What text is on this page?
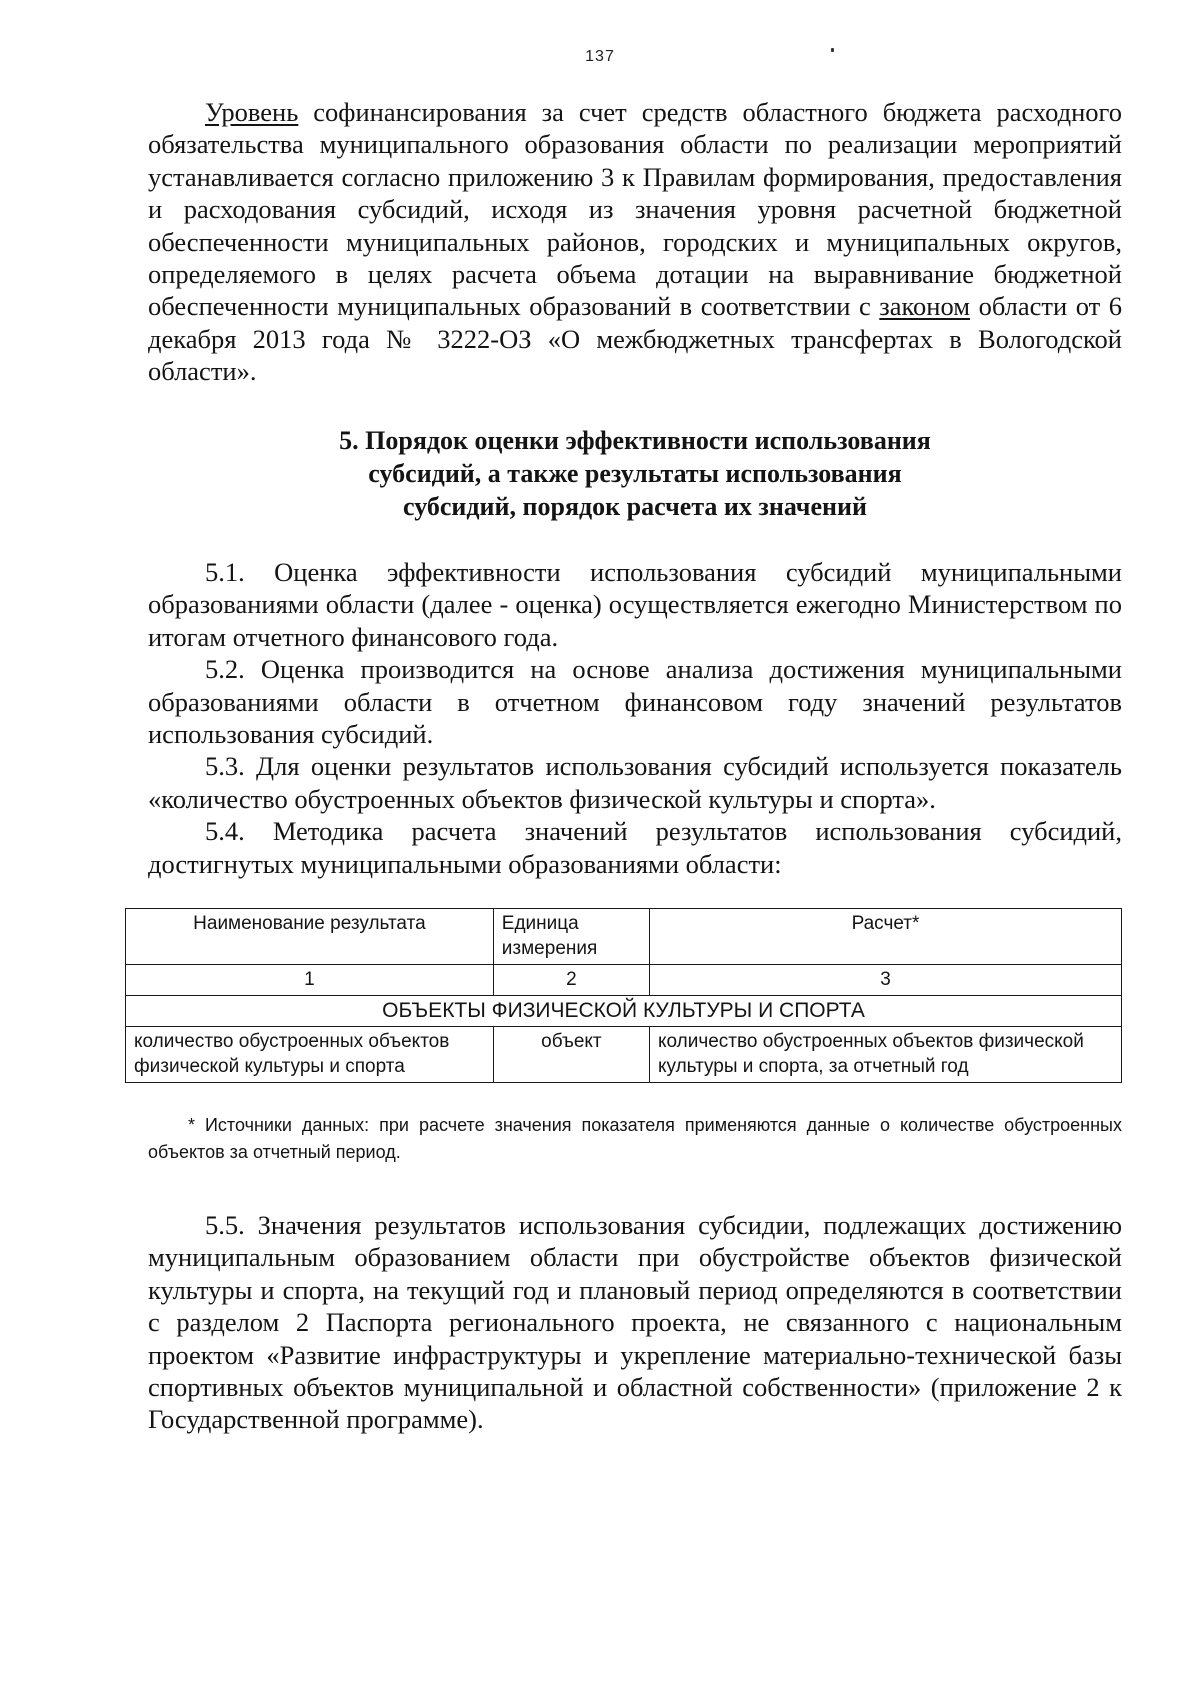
137

Уровень софинансирования за счет средств областного бюджета расходного обязательства муниципального образования области по реализации мероприятий устанавливается согласно приложению 3 к Правилам формирования, предоставления и расходования субсидий, исходя из значения уровня расчетной бюджетной обеспеченности муниципальных районов, городских и муниципальных округов, определяемого в целях расчета объема дотации на выравнивание бюджетной обеспеченности муниципальных образований в соответствии с законом области от 6 декабря 2013 года № 3222-ОЗ «О межбюджетных трансфертах в Вологодской области».

5. Порядок оценки эффективности использования
субсидий, а также результаты использования
субсидий, порядок расчета их значений

5.1. Оценка эффективности использования субсидий муниципальными образованиями области (далее - оценка) осуществляется ежегодно Министерством по итогам отчетного финансового года.

5.2. Оценка производится на основе анализа достижения муниципальными образованиями области в отчетном финансовом году значений результатов использования субсидий.

5.3. Для оценки результатов использования субсидий используется показатель «количество обустроенных объектов физической культуры и спорта».

5.4. Методика расчета значений результатов использования субсидий, достигнутых муниципальными образованиями области:

Наименование результата	Единица измерения	Расчет*
1	2	3
ОБЪЕКТЫ ФИЗИЧЕСКОЙ КУЛЬТУРЫ И СПОРТА		
количество обустроенных объектов физической культуры и спорта	объект	количество обустроенных объектов физической культуры и спорта, за отчетный год
* Источники данных: при расчете значения показателя применяются данные о количестве обустроенных объектов за отчетный период.

5.5. Значения результатов использования субсидии, подлежащих достижению муниципальным образованием области при обустройстве объектов физической культуры и спорта, на текущий год и плановый период определяются в соответствии с разделом 2 Паспорта регионального проекта, не связанного с национальным проектом «Развитие инфраструктуры и укрепление материально-технической базы спортивных объектов муниципальной и областной собственности» (приложение 2 к Государственной программе).
